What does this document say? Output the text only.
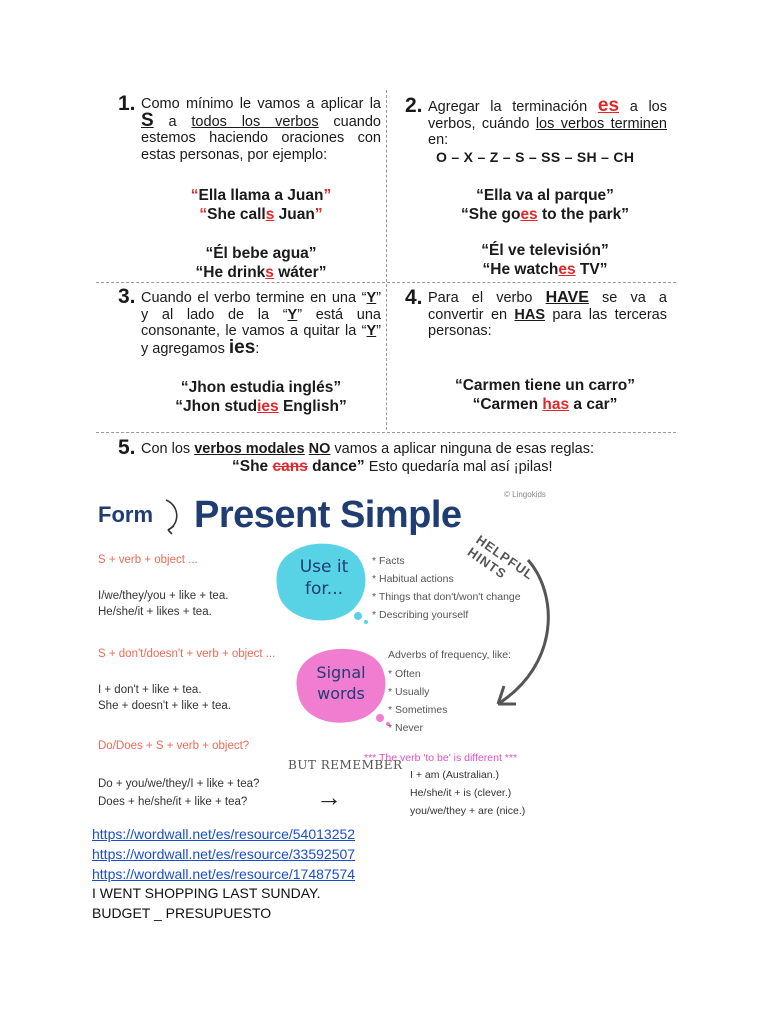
1. Como mínimo le vamos a aplicar la S a todos los verbos cuando estemos haciendo oraciones con estas personas, por ejemplo:
“Ella llama a Juan”
“She calls Juan”
“Él bebe agua”
“He drinks wáter”
2. Agregar la terminación es a los verbos, cuándo los verbos terminen en:
O – X – Z – S – SS – SH – CH
“Ella va al parque”
“She goes to the park”
“Él ve televisión”
“He watches TV”
3. Cuando el verbo termine en una “Y” y al lado de la “Y” está una consonante, le vamos a quitar la “Y” y agregamos ies:
“Jhon estudia inglés”
“Jhon studies English”
4. Para el verbo HAVE se va a convertir en HAS para las terceras personas:
“Carmen tiene un carro”
“Carmen has a car”
5. Con los verbos modales NO vamos a aplicar ninguna de esas reglas:
“She cans dance” Esto quedaría mal así ¡pilas!
Form Present Simple	© Lingokids
HELPFUL HINTS
S + verb + object ...
I/we/they/you + like + tea.
He/she/it + likes + tea.
Use it for...
* Facts
* Habitual actions
* Things that don't/won't change
* Describing yourself
S + don't/doesn't + verb + object ...
I + don't + like + tea.
She + doesn't + like + tea.
Signal words
Adverbs of frequency, like:
* Often
* Usually
* Sometimes
* Never
Do/Does + S + verb + object?
Do + you/we/they/I + like + tea?
Does + he/she/it + like + tea?
BUT REMEMBER
→
*** The verb 'to be' is different ***
I + am (Australian.)
He/she/it + is (clever.)
you/we/they + are (nice.)
https://wordwall.net/es/resource/54013252
https://wordwall.net/es/resource/33592507
https://wordwall.net/es/resource/17487574
I WENT SHOPPING LAST SUNDAY.
BUDGET _ PRESUPUESTO
